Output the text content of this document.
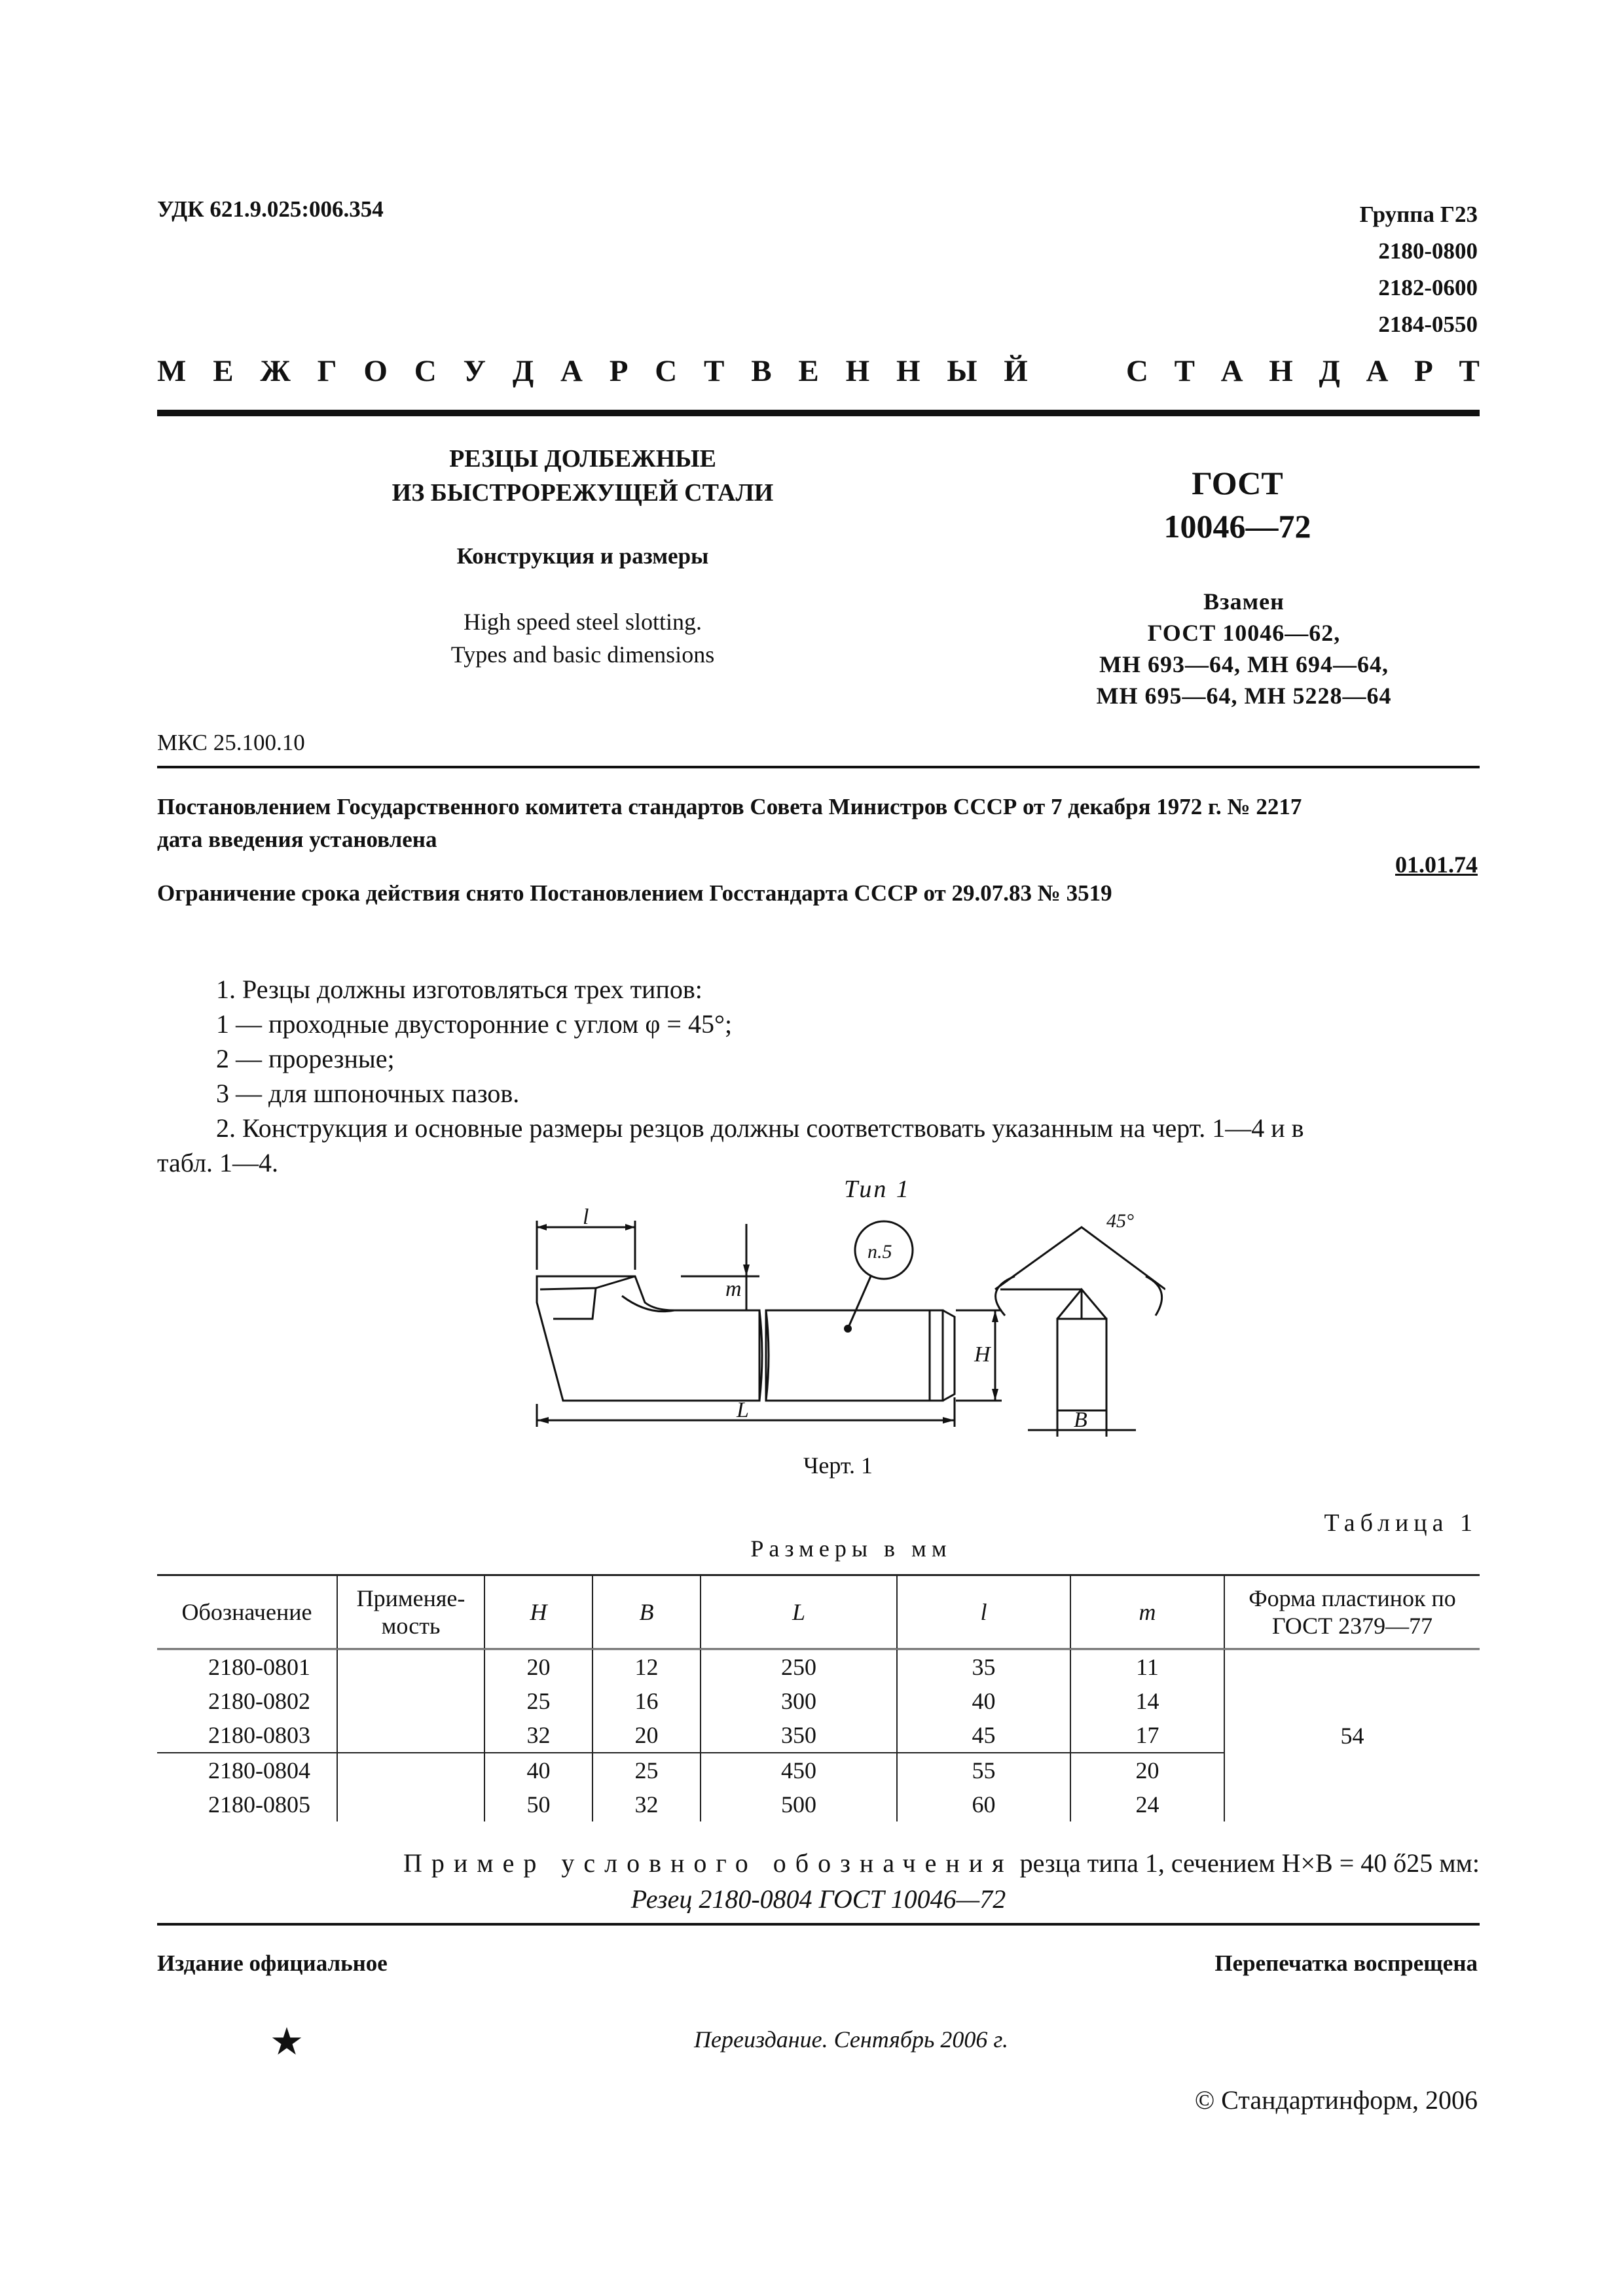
УДК 621.9.025:006.354	Группа Г23
2180-0800
2182-0600
2184-0550
М Е Ж Г О С У Д А Р С Т В Е Н Н Ы Й	С Т А Н Д А Р Т
РЕЗЦЫ ДОЛБЕЖНЫЕ
ИЗ БЫСТРОРЕЖУЩЕЙ СТАЛИ
Конструкция и размеры
High speed steel slotting.
Types and basic dimensions
ГОСТ
10046—72
Взамен
ГОСТ 10046—62,
МН 693—64, МН 694—64,
МН 695—64, МН 5228—64
МКС 25.100.10
Постановлением Государственного комитета стандартов Совета Министров СССР от 7 декабря 1972 г. № 2217
дата введения установлена
01.01.74
Ограничение срока действия снято Постановлением Госстандарта СССР от 29.07.83 № 3519
1. Резцы должны изготовляться трех типов:
1 — проходные двусторонние с углом φ = 45°;
2 — прорезные;
3 — для шпоночных пазов.
2. Конструкция и основные размеры резцов должны соответствовать указанным на черт. 1—4 и в
табл. 1—4.
Тип 1
l
m
L
H
B
п.5
45°
Черт. 1
Таблица 1
Размеры в мм
Обозначение	Применяе-мость	H	B	L	l	m	Форма пластинок по ГОСТ 2379—77
2180-0801		20	12	250	35	11	54
2180-0802		25	16	300	40	14	
2180-0803		32	20	350	45	17	
2180-0804		40	25	450	55	20	
2180-0805		50	32	500	60	24	
Пример условного обозначения резца типа 1, сечением H×B = 40 ő25 мм:
Резец 2180-0804 ГОСТ 10046—72
Издание официальное	Перепечатка воспрещена
★	Переиздание. Сентябрь 2006 г.
© Стандартинформ, 2006
